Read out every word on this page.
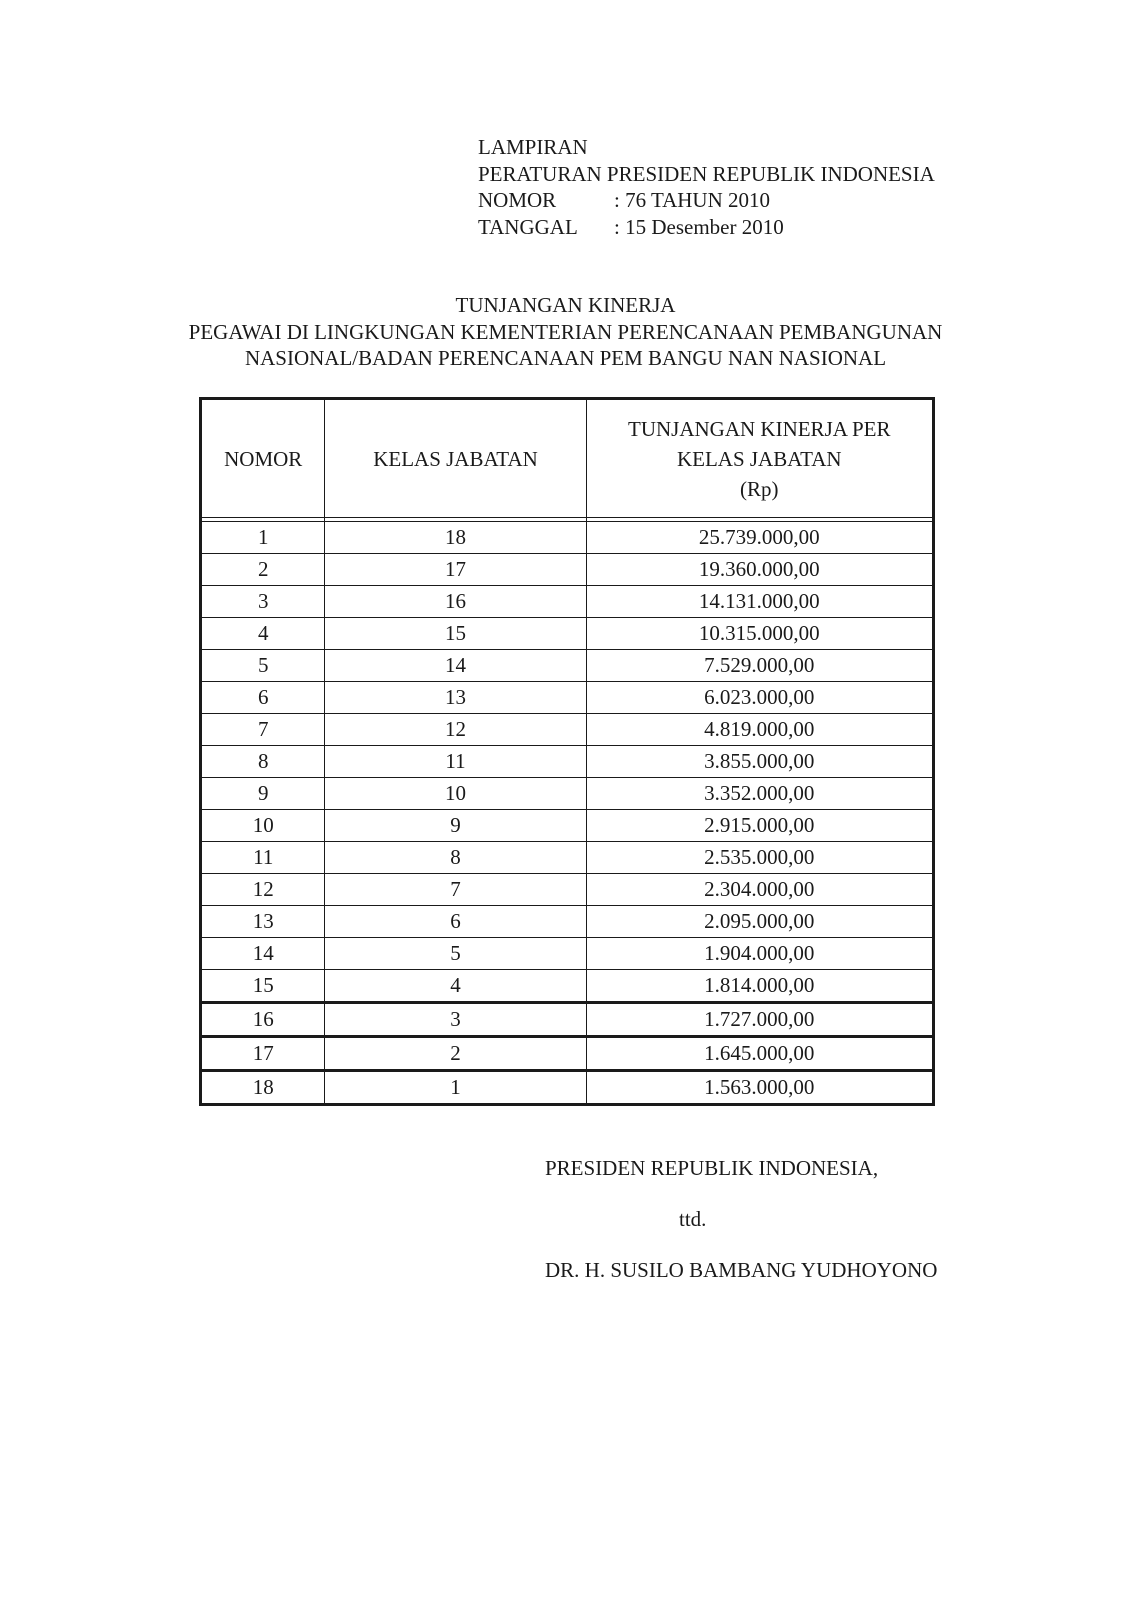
LAMPIRAN
PERATURAN PRESIDEN REPUBLIK INDONESIA
NOMOR	: 76 TAHUN 2010
TANGGAL : 15 Desember 2010
TUNJANGAN KINERJA
PEGAWAI DI LINGKUNGAN KEMENTERIAN PERENCANAAN PEMBANGUNAN
NASIONAL/BADAN PERENCANAAN PEM BANGU NAN NASIONAL
NOMOR	KELAS JABATAN	TUNJANGAN KINERJA PER
KELAS JABATAN
(Rp)

1	18	25.739.000,00
2	17	19.360.000,00
3	16	14.131.000,00
4	15	10.315.000,00
5	14	7.529.000,00
6	13	6.023.000,00
7	12	4.819.000,00
8	11	3.855.000,00
9	10	3.352.000,00
10	9	2.915.000,00
11	8	2.535.000,00
12	7	2.304.000,00
13	6	2.095.000,00
14	5	1.904.000,00
15	4	1.814.000,00
16	3	1.727.000,00
17	2	1.645.000,00
18	1	1.563.000,00
PRESIDEN REPUBLIK INDONESIA,
ttd.
DR. H. SUSILO BAMBANG YUDHOYONO
